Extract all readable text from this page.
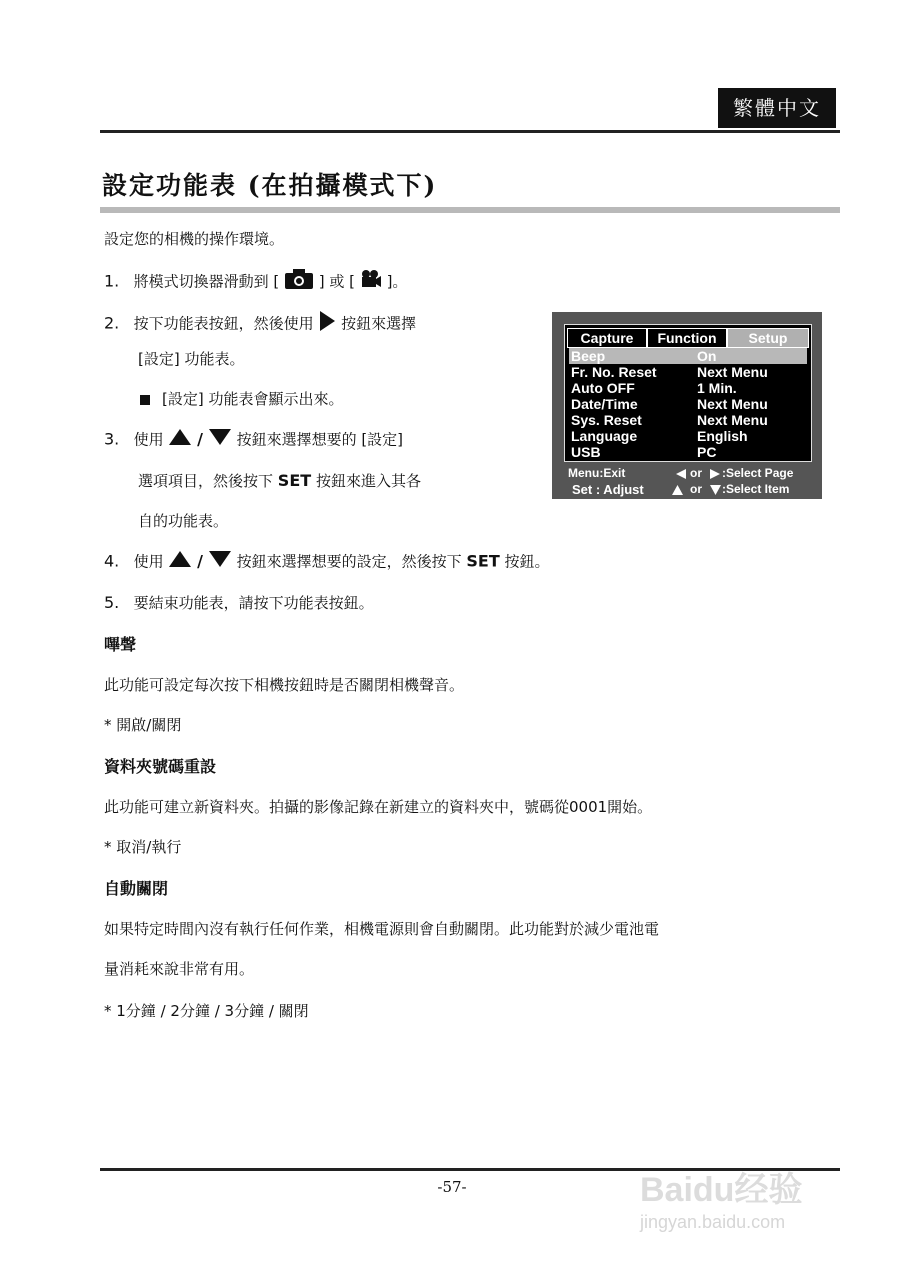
繁體中文
設定功能表 (在拍攝模式下)
設定您的相機的操作環境。
1. 將模式切換器滑動到 [	] 或 [ ]。
2. 按下功能表按鈕，然後使用 按鈕來選擇
[設定] 功能表。
[設定] 功能表會顯示出來。
3. 使用 / 按鈕來選擇想要的 [設定]
選項項目，然後按下 SET 按鈕來進入其各
自的功能表。
4. 使用 / 按鈕來選擇想要的設定，然後按下 SET 按鈕。
5. 要結束功能表，請按下功能表按鈕。
Capture	Function	Setup
Beep	On
Fr. No. Reset	Next Menu
Auto OFF	1 Min.
Date/Time	Next Menu
Sys. Reset	Next Menu
Language	English
USB	PC
Menu:Exit	or :Select Page
Set : Adjust	or :Select Item
嗶聲
此功能可設定每次按下相機按鈕時是否關閉相機聲音。
* 開啟/關閉
資料夾號碼重設
此功能可建立新資料夾。拍攝的影像記錄在新建立的資料夾中，號碼從0001開始。
* 取消/執行
自動關閉
如果特定時間內沒有執行任何作業，相機電源則會自動關閉。此功能對於減少電池電
量消耗來說非常有用。
* 1分鐘 / 2分鐘 / 3分鐘 / 關閉
-57-	Baidu经验
jingyan.baidu.com
